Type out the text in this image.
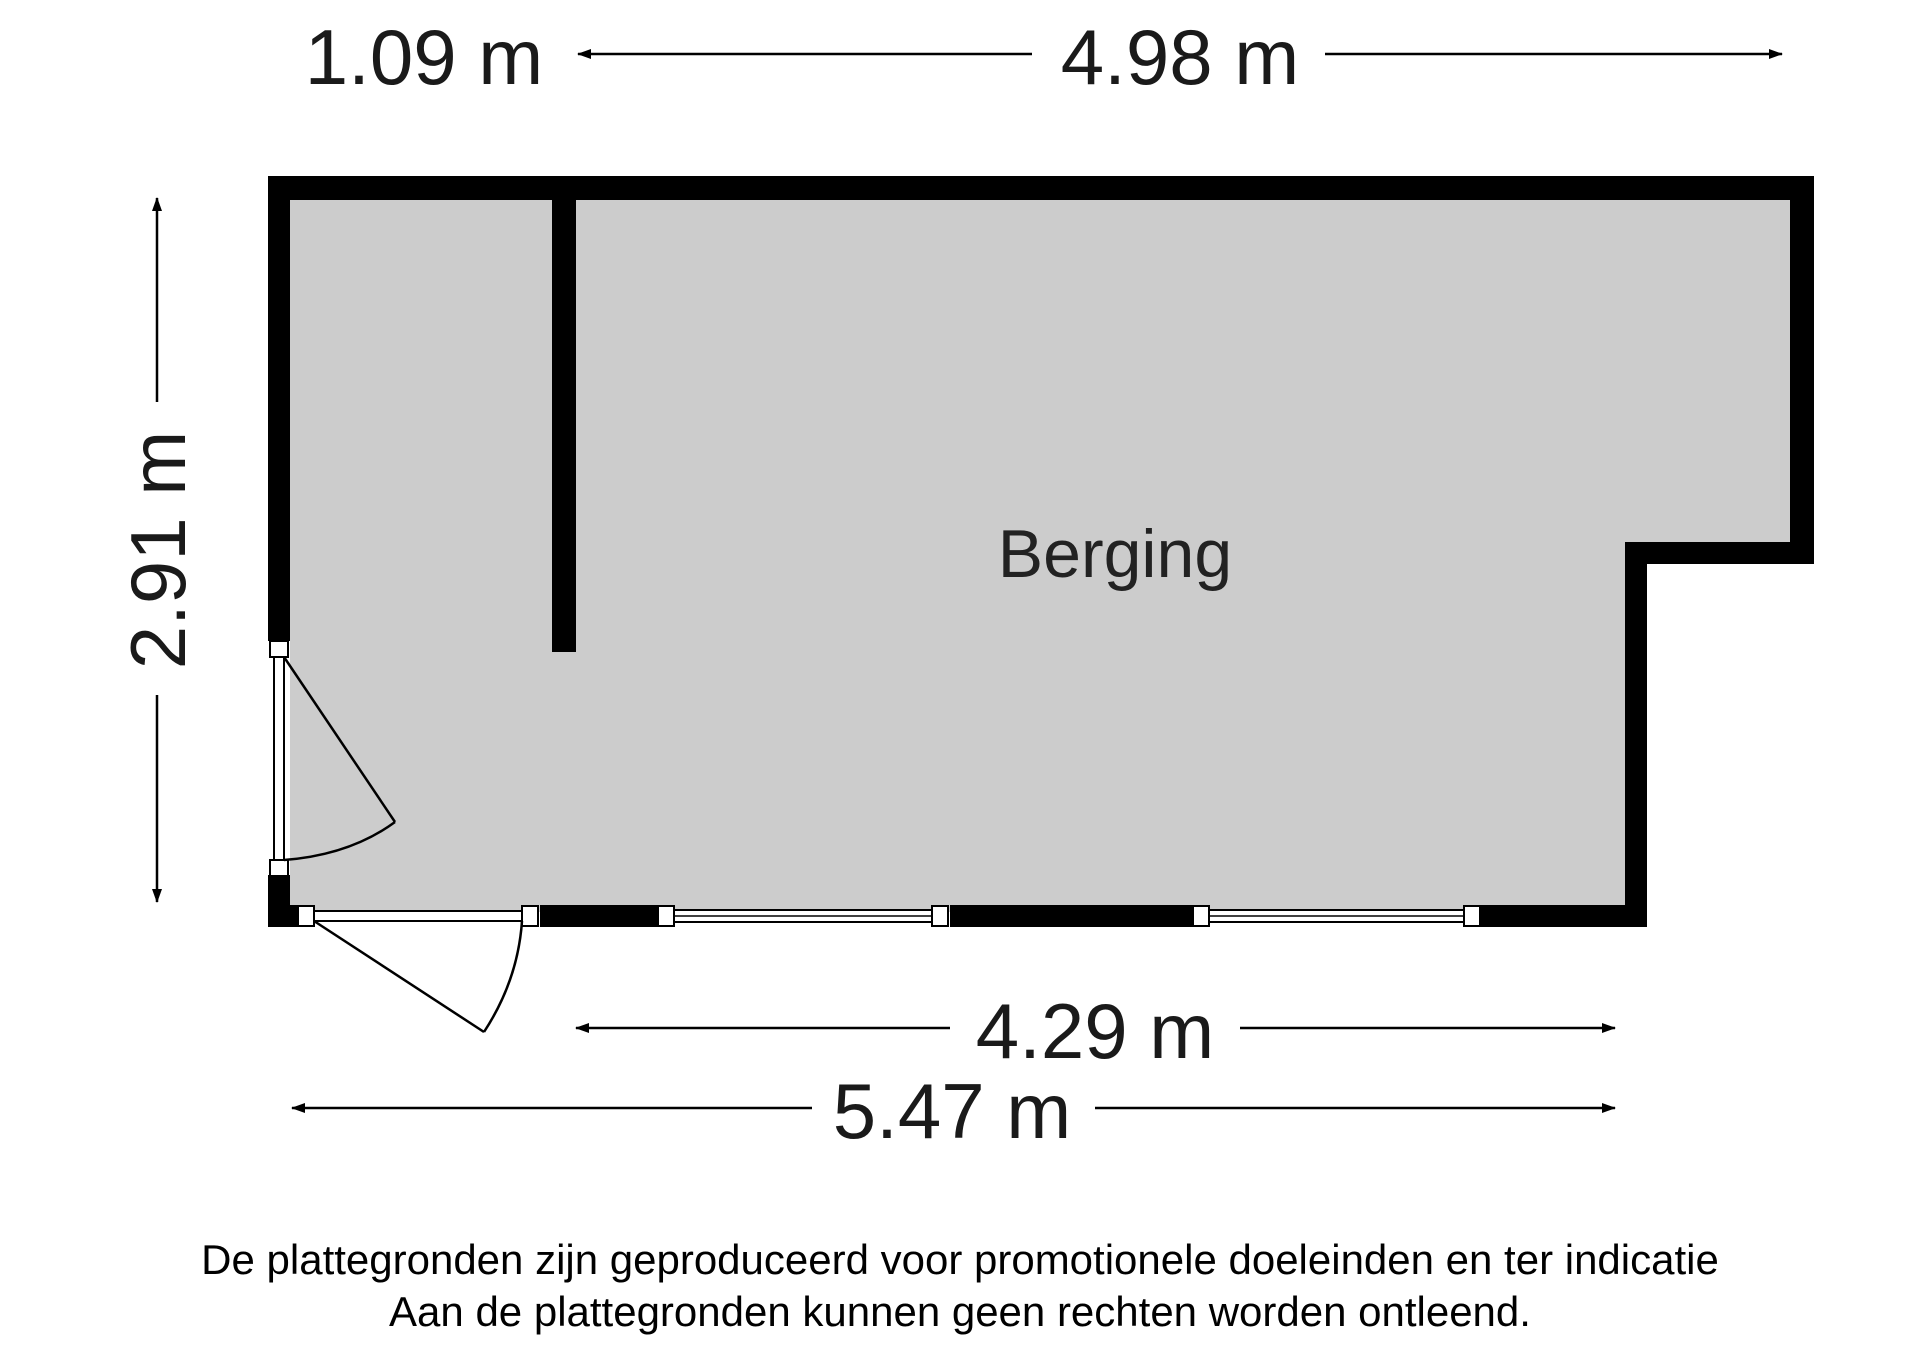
Berging
1.09 m	4.98 m
2.91 m
4.29 m
5.47 m
De plattegronden zijn geproduceerd voor promotionele doeleinden en ter indicatie
Aan de plattegronden kunnen geen rechten worden ontleend.
